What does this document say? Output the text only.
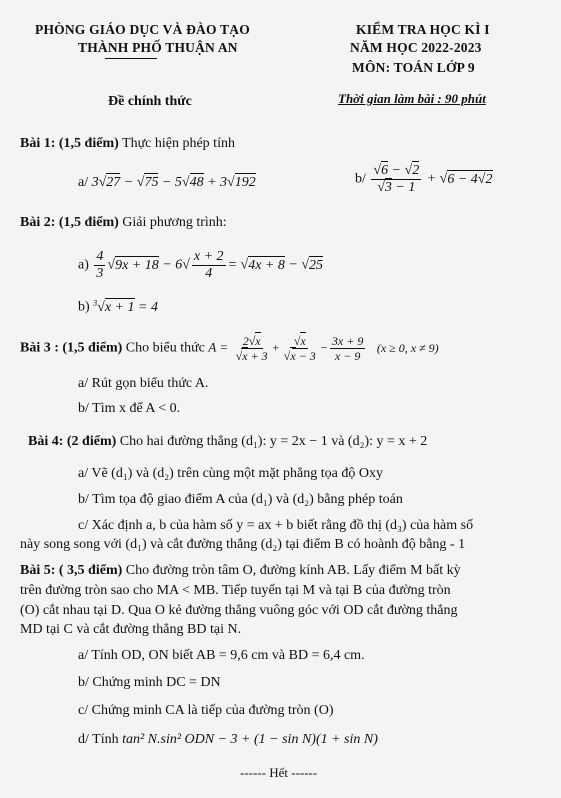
PHÒNG GIÁO DỤC VÀ ĐÀO TẠO
THÀNH PHỐ THUẬN AN
KIỂM TRA HỌC KÌ I
NĂM HỌC 2022-2023
MÔN: TOÁN LỚP 9
Đề chính thức	Thời gian làm bài : 90 phút
Bài 1: (1,5 điểm) Thực hiện phép tính
a/ 3√27 − √75 − 5√48 + 3√192	$b/ \frac{√6 - √2}{√3 - 1} + √6 - 4√2$
Bài 2: (1,5 điểm) Giải phương trình:
$a) \frac{4}{3} √9x + 18 - 6√ \frac{x + 2}{4} = √4x + 8 - √25$
b) $^3$√x + 1 = 4
Bài 3 : (1,5 điểm) Cho biểu thức $A = \frac{2√x}{√x + 3} + \frac{√x}{√x - 3} - \frac{3x + 9}{x - 9} (x \ge 0$, x ≠ 9)
a/ Rút gọn biểu thức A.
b/ Tìm x để A < 0.
Bài 4: (2 điểm) Cho hai đường thẳng (d₁): y = 2x − 1 và (d₂): y = x + 2
a/ Vẽ (d₁) và (d₂) trên cùng một mặt phẳng tọa độ Oxy
b/ Tìm tọa độ giao điểm A của (d₁) và (d₂) bằng phép toán
c/ Xác định a, b của hàm số y = ax + b biết rằng đồ thị (d₃) của hàm số
này song song với (d₁) và cắt đường thẳng (d₂) tại điểm B có hoành độ bằng - 1
Bài 5: ( 3,5 điểm) Cho đường tròn tâm O, đường kính AB. Lấy điểm M bất kỳ
trên đường tròn sao cho MA < MB. Tiếp tuyến tại M và tại B của đường tròn
(O) cắt nhau tại D. Qua O kẻ đường thẳng vuông góc với OD cắt đường thẳng
MD tại C và cắt đường thẳng BD tại N.
a/ Tính OD, ON biết AB = 9,6 cm và BD = 6,4 cm.
b/ Chứng minh DC = DN
c/ Chứng minh CA là tiếp của đường tròn (O)
d/ Tính tan² N.sin² ODN − 3 + (1 − sin N)(1 + sin N)
------ Hết ------
